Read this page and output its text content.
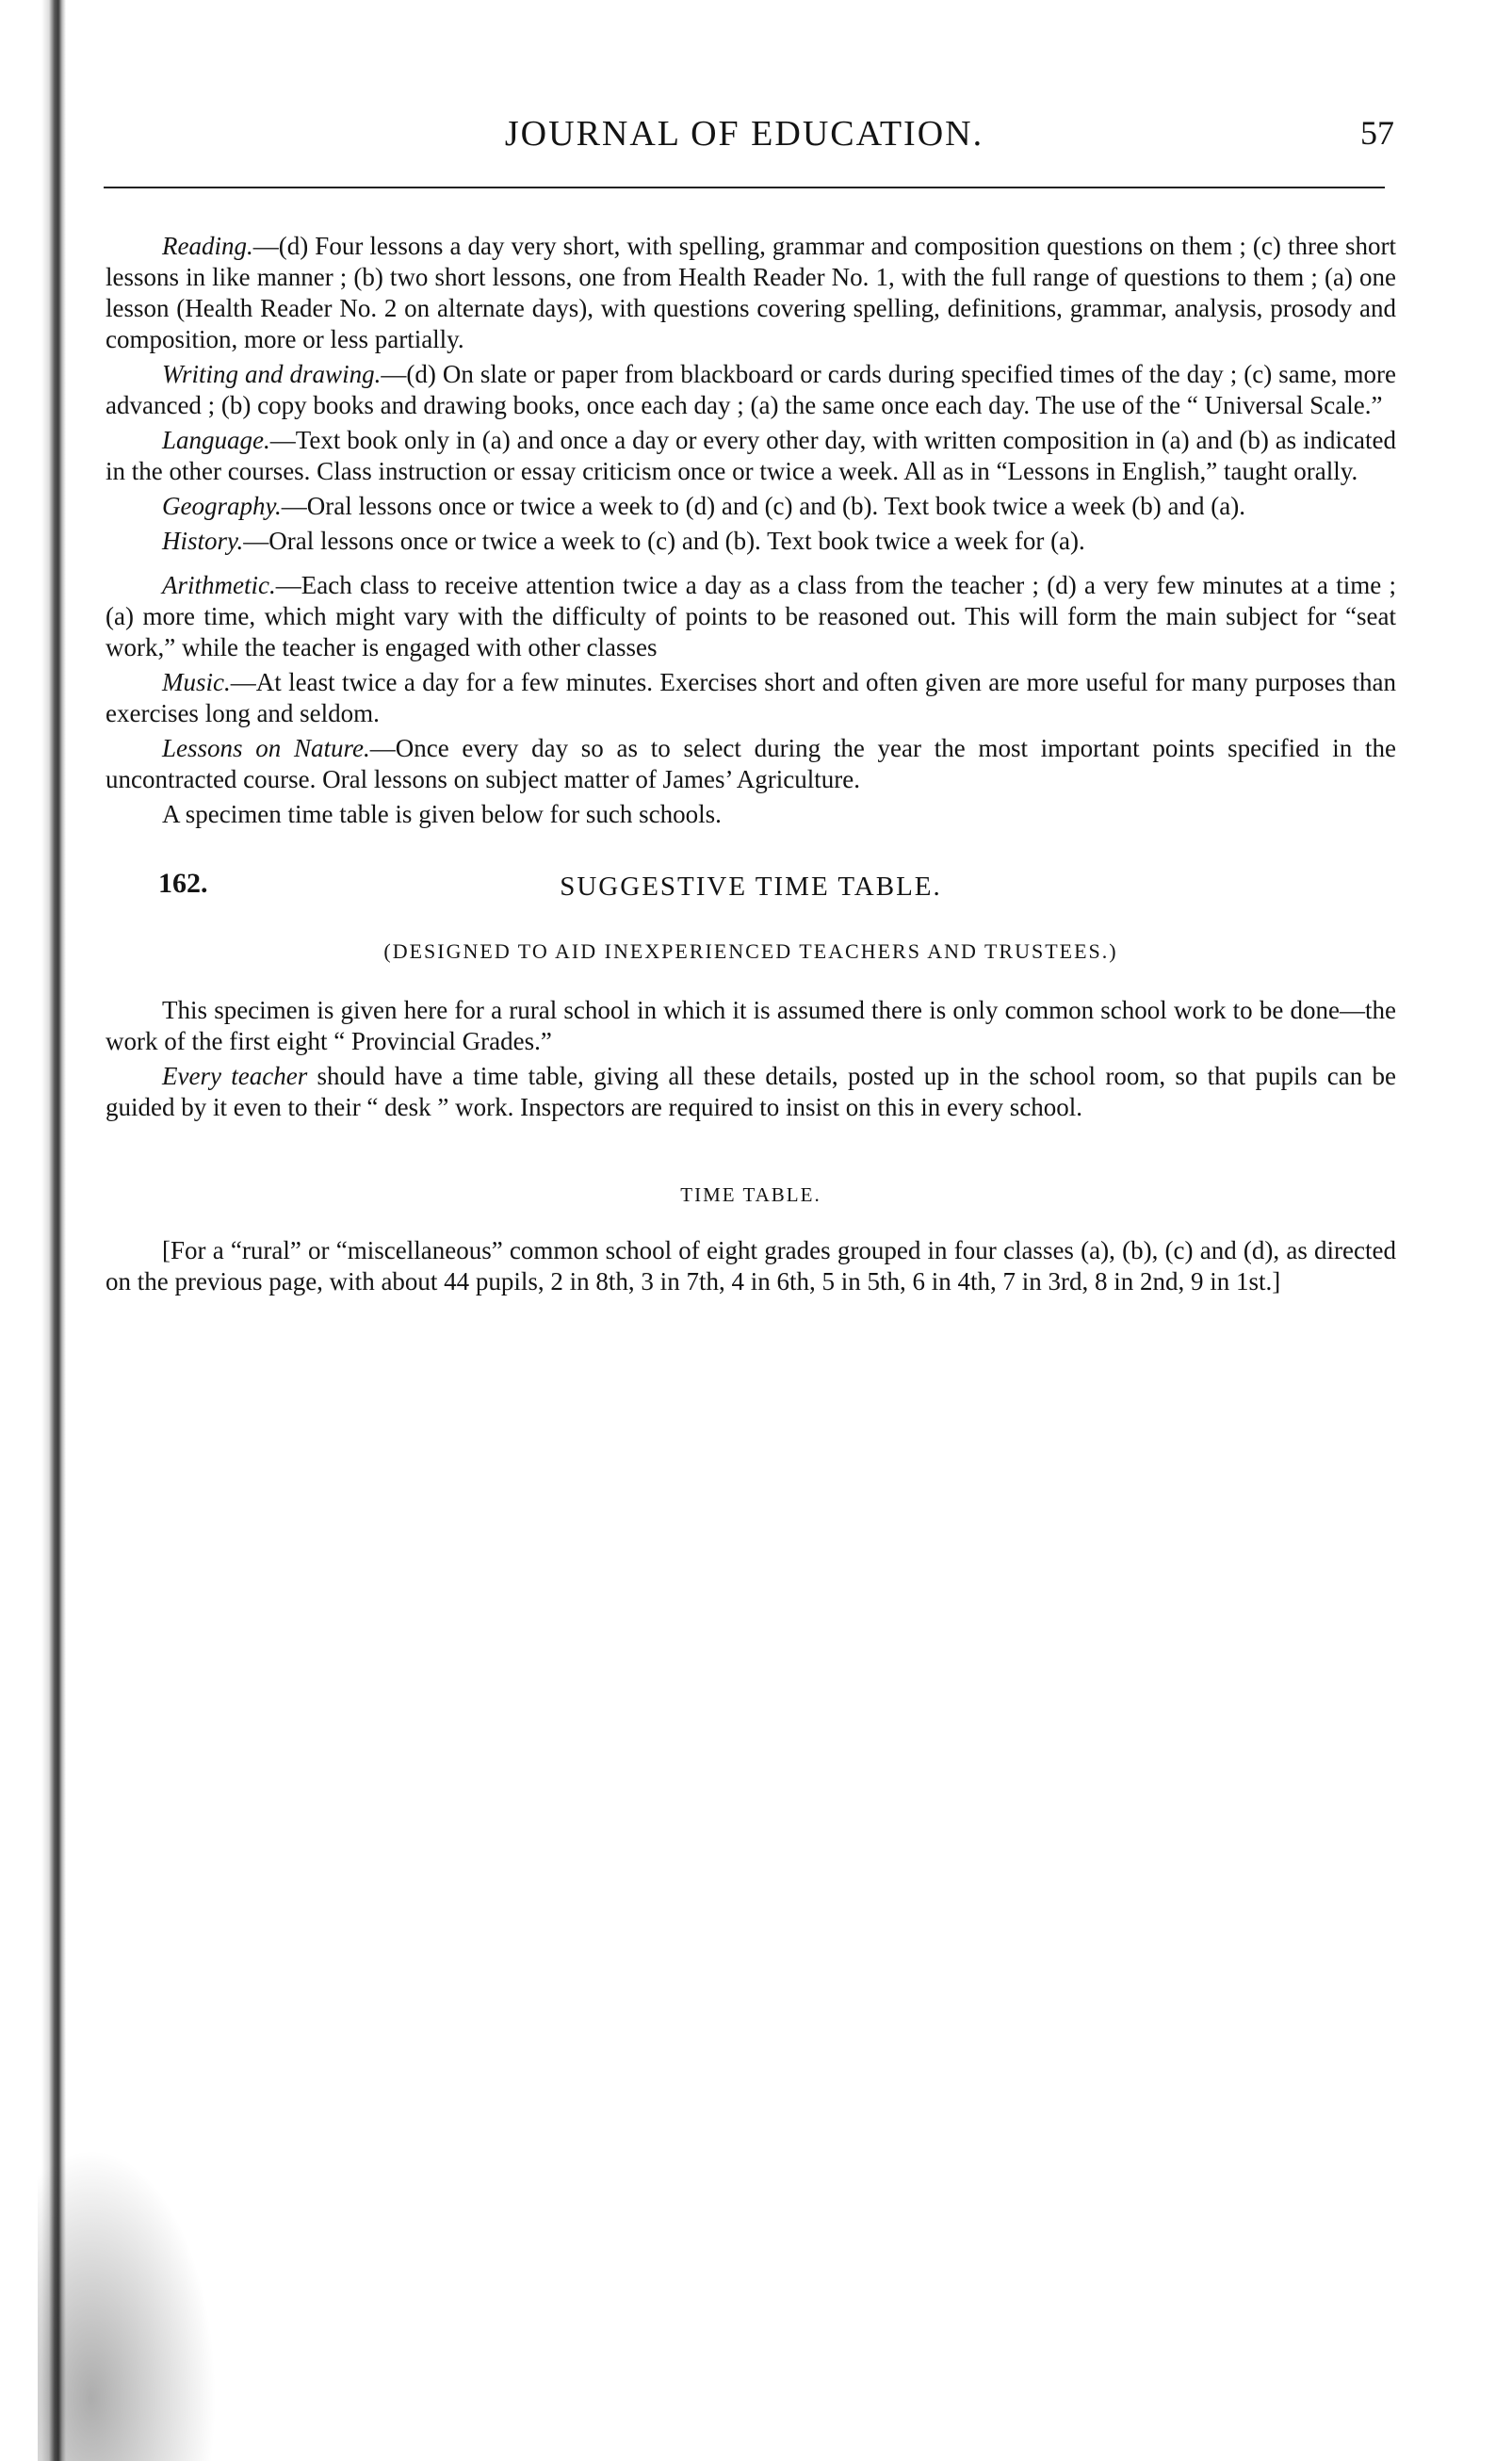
JOURNAL OF EDUCATION.	57

Reading.—(d) Four lessons a day very short, with spelling, grammar and composition questions on them ; (c) three short lessons in like manner ; (b) two short lessons, one from Health Reader No. 1, with the full range of questions to them ; (a) one lesson (Health Reader No. 2 on alternate days), with questions covering spelling, definitions, grammar, analysis, prosody and composition, more or less partially.

Writing and drawing.—(d) On slate or paper from blackboard or cards during specified times of the day ; (c) same, more advanced ; (b) copy books and drawing books, once each day ; (a) the same once each day. The use of the “ Universal Scale.”

Language.—Text book only in (a) and once a day or every other day, with written composition in (a) and (b) as indicated in the other courses. Class instruction or essay criticism once or twice a week. All as in “Lessons in English,” taught orally.

Geography.—Oral lessons once or twice a week to (d) and (c) and (b). Text book twice a week (b) and (a).

History.—Oral lessons once or twice a week to (c) and (b). Text book twice a week for (a).

Arithmetic.—Each class to receive attention twice a day as a class from the teacher ; (d) a very few minutes at a time ; (a) more time, which might vary with the difficulty of points to be reasoned out. This will form the main subject for “seat work,” while the teacher is engaged with other classes

Music.—At least twice a day for a few minutes. Exercises short and often given are more useful for many purposes than exercises long and seldom.

Lessons on Nature.—Once every day so as to select during the year the most important points specified in the uncontracted course. Oral lessons on subject matter of James’ Agriculture.

A specimen time table is given below for such schools.

162.	SUGGESTIVE TIME TABLE.
(DESIGNED TO AID INEXPERIENCED TEACHERS AND TRUSTEES.)

This specimen is given here for a rural school in which it is assumed there is only common school work to be done—the work of the first eight “ Provincial Grades.”

Every teacher should have a time table, giving all these details, posted up in the school room, so that pupils can be guided by it even to their “ desk ” work. Inspectors are required to insist on this in every school.

TIME TABLE.

[For a “rural” or “miscellaneous” common school of eight grades grouped in four classes (a), (b), (c) and (d), as directed on the previous page, with about 44 pupils, 2 in 8th, 3 in 7th, 4 in 6th, 5 in 5th, 6 in 4th, 7 in 3rd, 8 in 2nd, 9 in 1st.]
